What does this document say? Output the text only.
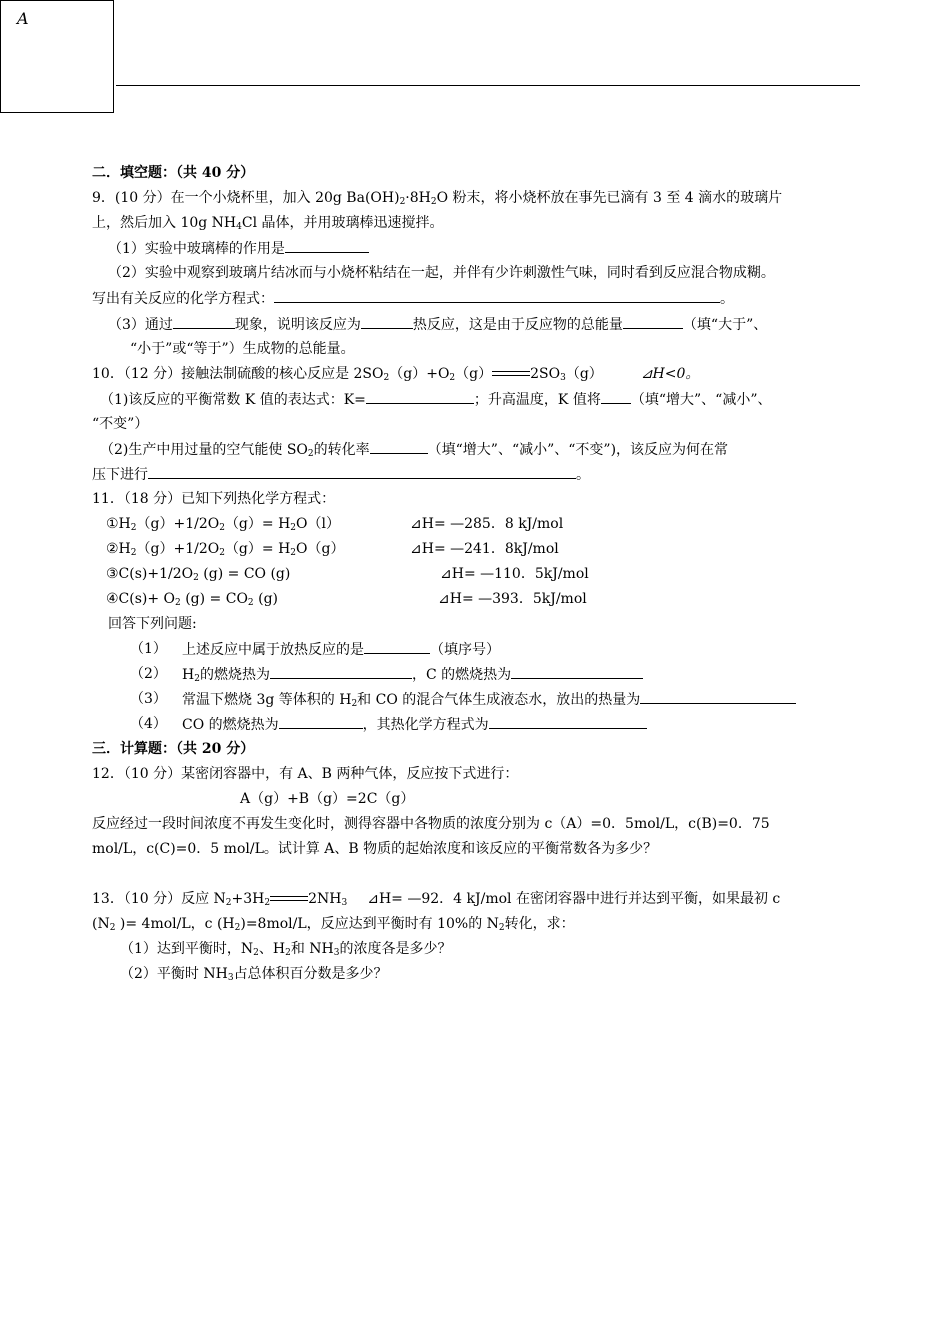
A
二．填空题：（共 40 分）
9．(10 分）在一个小烧杯里，加入 20g $Ba(OH)_2\cdot 8H_2O$ 粉末，将小烧杯放在事先已滴有 3 至 4 滴水的玻璃片
上，然后加入 10g $NH_4Cl$ 晶体，并用玻璃棒迅速搅拌。
（1）实验中玻璃棒的作用是
（2）实验中观察到玻璃片结冰而与小烧杯粘结在一起，并伴有少许刺激性气味，同时看到反应混合物成糊。
写出有关反应的化学方程式：	。
（3）通过	现象，说明该反应为	热反应，这是由于反应物的总能量	（填“大于”、
“小于”或“等于”）生成物的总能量。
10．（12 分）接触法制硫酸的核心反应是 $2SO_2(g)+O_2(g)$	$2SO_3(g)$	⊿H<0。
（1)该反应的平衡常数 K 值的表达式：K=	；升高温度，K 值将 （填“增大”、“减小”、
“不变”）
（2)生产中用过量的空气能使 $SO_2$的转化率	（填“增大”、“减小”、“不变”)，该反应为何在常
压下进行	。
11．（18 分）已知下列热化学方程式：
$①H_2(g)+1/2O_2(g)= H_2O(l)$	⊿H= —285．8 kJ/mol
$②H_2(g)+1/2O_2(g)= H_2O(g)$	⊿H= —241．8kJ/mol
$③C(s)+1/2O_2$ (g) = CO (g)	⊿H= —110．5kJ/mol
④C(s)+ $O_2$ $(g) = CO_2$ (g)	⊿H= —393．5kJ/mol
回答下列问题:
（1） 上述反应中属于放热反应的是	（填序号）
（2） $H_2$的燃烧热为	，C 的燃烧热为
（3） 常温下燃烧 3g 等体积的 $H_2$和 CO 的混合气体生成液态水，放出的热量为
（4） CO 的燃烧热为	，其热化学方程式为
三．计算题：（共 20 分）
12．（10 分）某密闭容器中，有 A、B 两种气体，反应按下式进行：
A（g）+B（g）=2C（g）
反应经过一段时间浓度不再发生变化时，测得容器中各物质的浓度分别为 c（A）=0．5mol/L，c(B)=0．75
mol/L，c(C)=0．5 mol/L。试计算 A、B 物质的起始浓度和该反应的平衡常数各为多少？
13．（10 分）反应 $N_2+3H_2$	$2NH_3$ ⊿H= —92．4 kJ/mol 在密闭容器中进行并达到平衡，如果最初 c
($N_2$ )= 4mol/L，c $(H_2)=8mol/L$，反应达到平衡时有 10%的 $N_2$转化，求：
（1）达到平衡时，$N_2$、$H_2$和 $NH_3$的浓度各是多少？
（2）平衡时 $NH_3$占总体积百分数是多少？
